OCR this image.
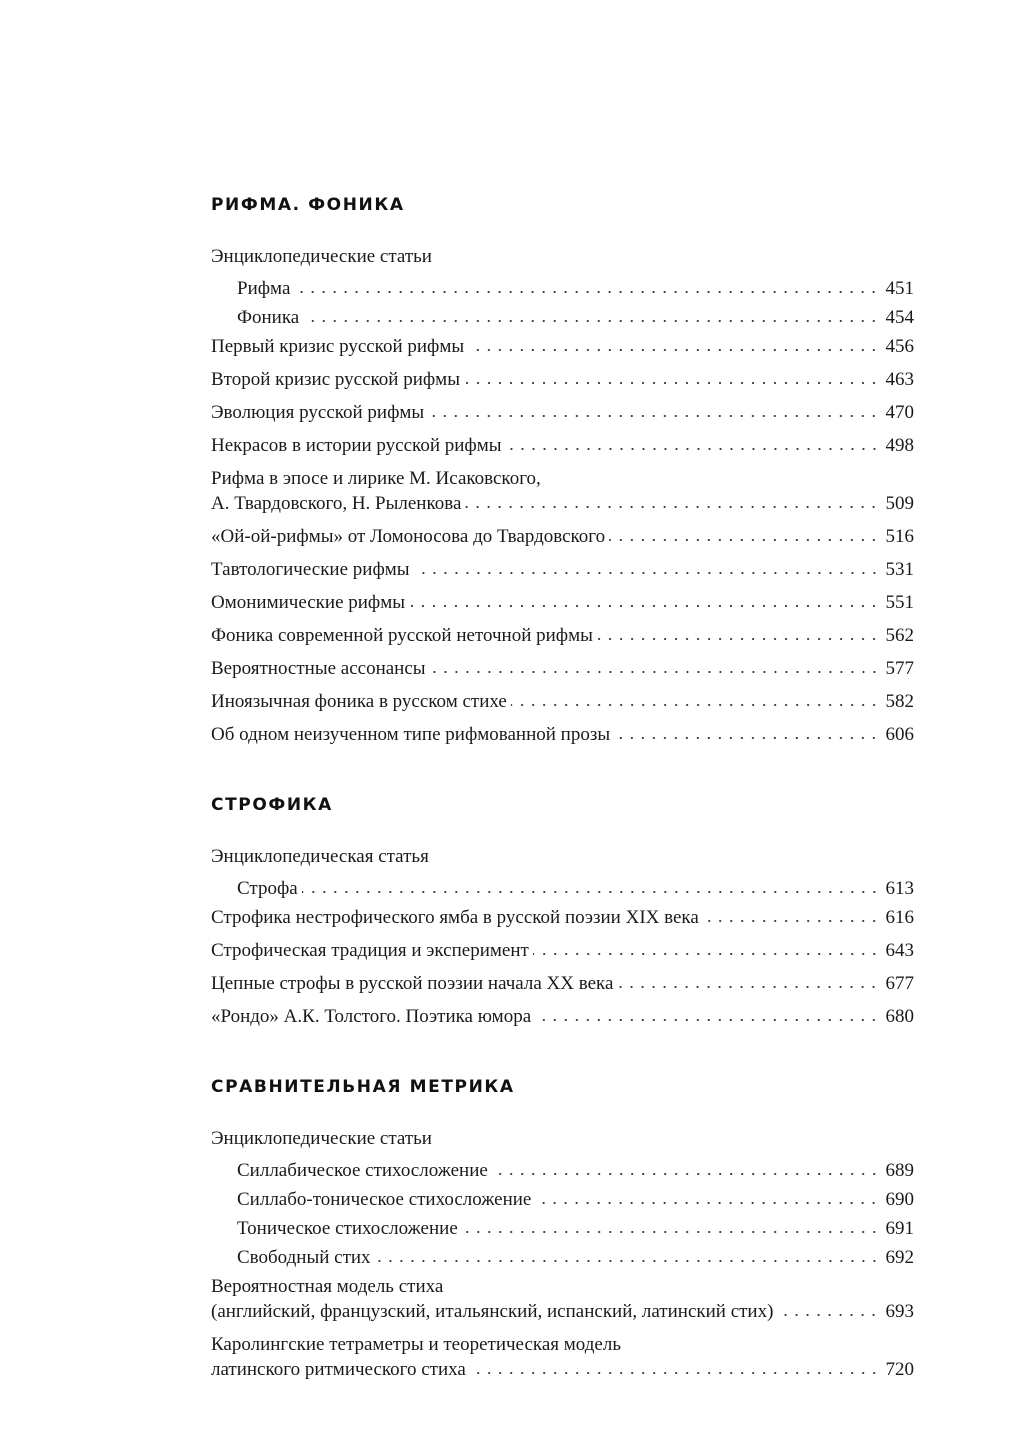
РИФМА. ФОНИКА
Энциклопедические статьи
Рифма	451
Фоника	454
Первый кризис русской рифмы	456
Второй кризис русской рифмы	463
Эволюция русской рифмы	470
Некрасов в истории русской рифмы	498
Рифма в эпосе и лирике М. Исаковского,
А. Твардовского, Н. Рыленкова	509
«Ой-ой-рифмы» от Ломоносова до Твардовского	516
Тавтологические рифмы	531
Омонимические рифмы	551
Фоника современной русской неточной рифмы	562
Вероятностные ассонансы	577
Иноязычная фоника в русском стихе	582
Об одном неизученном типе рифмованной прозы	606
СТРОФИКА
Энциклопедическая статья
Строфа	613
Строфика нестрофического ямба в русской поэзии XIX века	616
Строфическая традиция и эксперимент	643
Цепные строфы в русской поэзии начала XX века	677
«Рондо» А.К. Толстого. Поэтика юмора	680
СРАВНИТЕЛЬНАЯ МЕТРИКА
Энциклопедические статьи
Силлабическое стихосложение	689
Силлабо-тоническое стихосложение	690
Тоническое стихосложение	691
Свободный стих	692
Вероятностная модель стиха
(английский, французский, итальянский, испанский, латинский стих)	693
Каролингские тетраметры и теоретическая модель
латинского ритмического стиха	720
